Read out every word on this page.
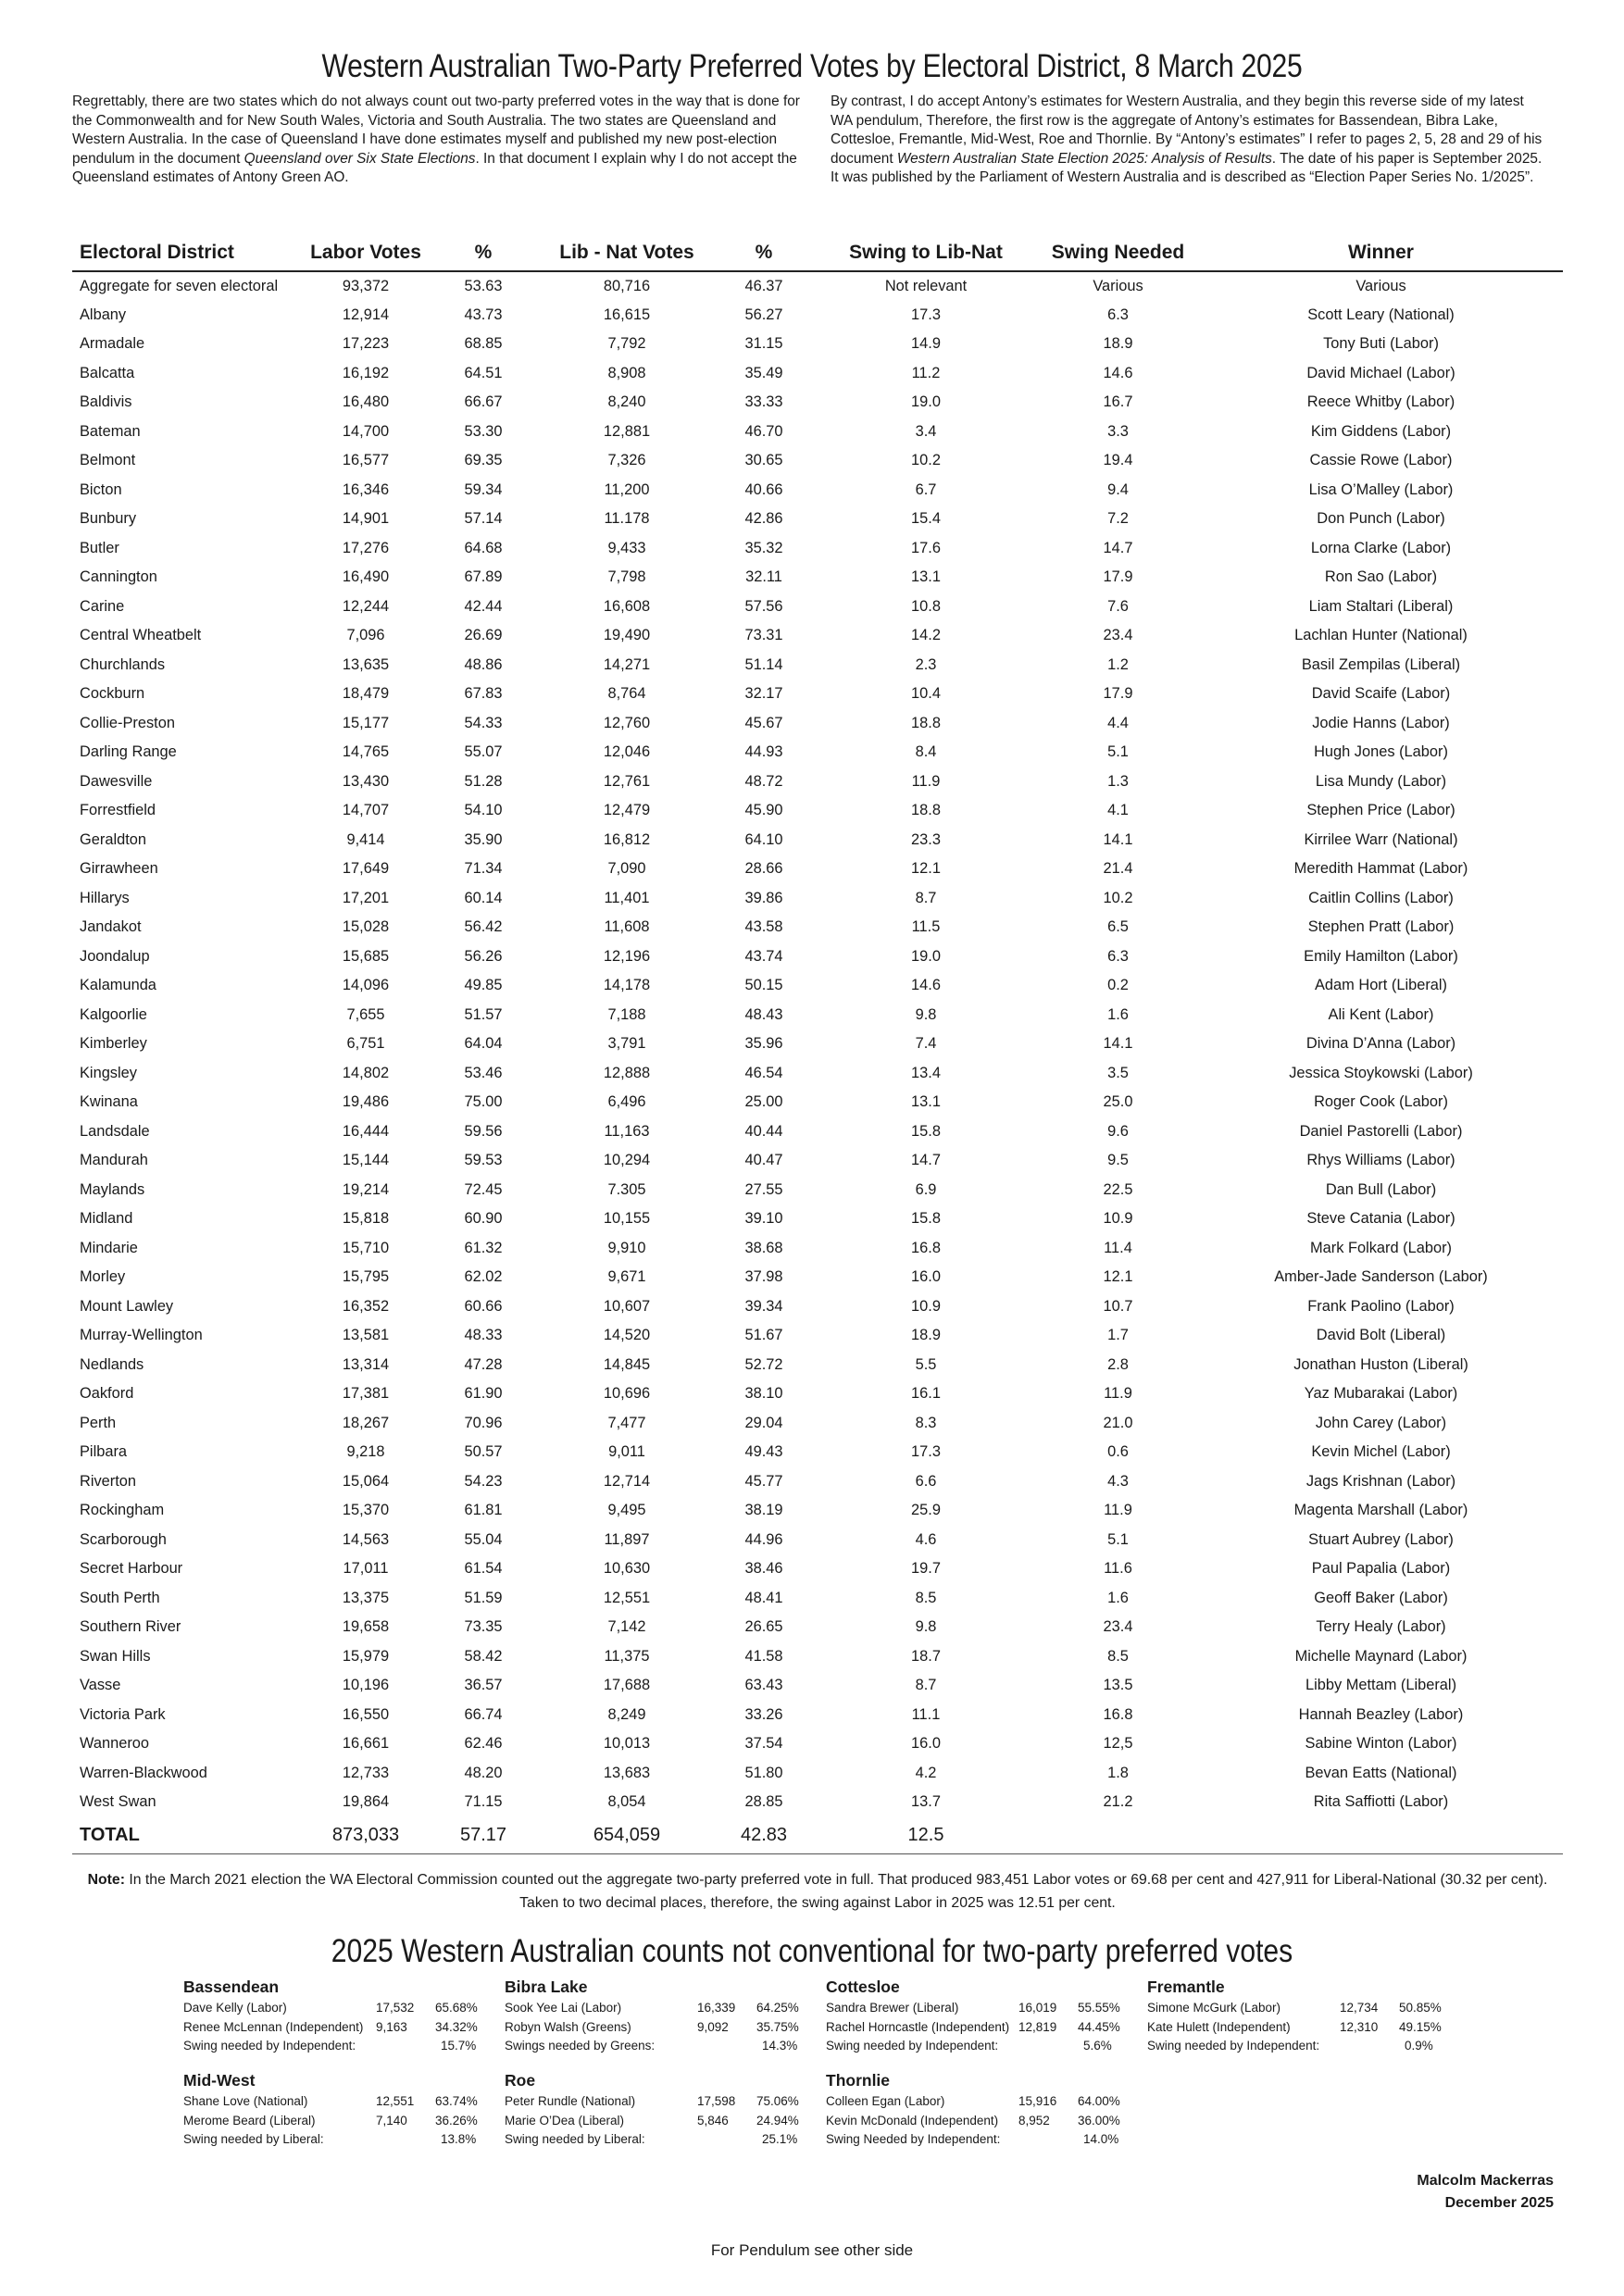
Western Australian Two-Party Preferred Votes by Electoral District, 8 March 2025
Regrettably, there are two states which do not always count out two-party preferred votes in the way that is done for the Commonwealth and for New South Wales, Victoria and South Australia. The two states are Queensland and Western Australia. In the case of Queensland I have done estimates myself and published my new post-election pendulum in the document Queensland over Six State Elections. In that document I explain why I do not accept the Queensland estimates of Antony Green AO.
By contrast, I do accept Antony’s estimates for Western Australia, and they begin this reverse side of my latest WA pendulum, Therefore, the first row is the aggregate of Antony’s estimates for Bassendean, Bibra Lake, Cottesloe, Fremantle, Mid-West, Roe and Thornlie. By “Antony’s estimates” I refer to pages 2, 5, 28 and 29 of his document Western Australian State Election 2025: Analysis of Results. The date of his paper is September 2025. It was published by the Parliament of Western Australia and is described as “Election Paper Series No. 1/2025”.
Electoral District	Labor Votes	%	Lib - Nat Votes	%	Swing to Lib-Nat	Swing Needed	Winner
Aggregate for seven electoral	93,372	53.63	80,716	46.37	Not relevant	Various	Various
Albany	12,914	43.73	16,615	56.27	17.3	6.3	Scott Leary (National)
Armadale	17,223	68.85	7,792	31.15	14.9	18.9	Tony Buti (Labor)
Balcatta	16,192	64.51	8,908	35.49	11.2	14.6	David Michael (Labor)
Baldivis	16,480	66.67	8,240	33.33	19.0	16.7	Reece Whitby (Labor)
Bateman	14,700	53.30	12,881	46.70	3.4	3.3	Kim Giddens (Labor)
Belmont	16,577	69.35	7,326	30.65	10.2	19.4	Cassie Rowe (Labor)
Bicton	16,346	59.34	11,200	40.66	6.7	9.4	Lisa O’Malley (Labor)
Bunbury	14,901	57.14	11.178	42.86	15.4	7.2	Don Punch (Labor)
Butler	17,276	64.68	9,433	35.32	17.6	14.7	Lorna Clarke (Labor)
Cannington	16,490	67.89	7,798	32.11	13.1	17.9	Ron Sao (Labor)
Carine	12,244	42.44	16,608	57.56	10.8	7.6	Liam Staltari (Liberal)
Central Wheatbelt	7,096	26.69	19,490	73.31	14.2	23.4	Lachlan Hunter (National)
Churchlands	13,635	48.86	14,271	51.14	2.3	1.2	Basil Zempilas (Liberal)
Cockburn	18,479	67.83	8,764	32.17	10.4	17.9	David Scaife (Labor)
Collie-Preston	15,177	54.33	12,760	45.67	18.8	4.4	Jodie Hanns (Labor)
Darling Range	14,765	55.07	12,046	44.93	8.4	5.1	Hugh Jones (Labor)
Dawesville	13,430	51.28	12,761	48.72	11.9	1.3	Lisa Mundy (Labor)
Forrestfield	14,707	54.10	12,479	45.90	18.8	4.1	Stephen Price (Labor)
Geraldton	9,414	35.90	16,812	64.10	23.3	14.1	Kirrilee Warr (National)
Girrawheen	17,649	71.34	7,090	28.66	12.1	21.4	Meredith Hammat (Labor)
Hillarys	17,201	60.14	11,401	39.86	8.7	10.2	Caitlin Collins (Labor)
Jandakot	15,028	56.42	11,608	43.58	11.5	6.5	Stephen Pratt (Labor)
Joondalup	15,685	56.26	12,196	43.74	19.0	6.3	Emily Hamilton (Labor)
Kalamunda	14,096	49.85	14,178	50.15	14.6	0.2	Adam Hort (Liberal)
Kalgoorlie	7,655	51.57	7,188	48.43	9.8	1.6	Ali Kent (Labor)
Kimberley	6,751	64.04	3,791	35.96	7.4	14.1	Divina D’Anna (Labor)
Kingsley	14,802	53.46	12,888	46.54	13.4	3.5	Jessica Stoykowski (Labor)
Kwinana	19,486	75.00	6,496	25.00	13.1	25.0	Roger Cook (Labor)
Landsdale	16,444	59.56	11,163	40.44	15.8	9.6	Daniel Pastorelli (Labor)
Mandurah	15,144	59.53	10,294	40.47	14.7	9.5	Rhys Williams (Labor)
Maylands	19,214	72.45	7.305	27.55	6.9	22.5	Dan Bull (Labor)
Midland	15,818	60.90	10,155	39.10	15.8	10.9	Steve Catania (Labor)
Mindarie	15,710	61.32	9,910	38.68	16.8	11.4	Mark Folkard (Labor)
Morley	15,795	62.02	9,671	37.98	16.0	12.1	Amber-Jade Sanderson (Labor)
Mount Lawley	16,352	60.66	10,607	39.34	10.9	10.7	Frank Paolino (Labor)
Murray-Wellington	13,581	48.33	14,520	51.67	18.9	1.7	David Bolt (Liberal)
Nedlands	13,314	47.28	14,845	52.72	5.5	2.8	Jonathan Huston (Liberal)
Oakford	17,381	61.90	10,696	38.10	16.1	11.9	Yaz Mubarakai (Labor)
Perth	18,267	70.96	7,477	29.04	8.3	21.0	John Carey (Labor)
Pilbara	9,218	50.57	9,011	49.43	17.3	0.6	Kevin Michel (Labor)
Riverton	15,064	54.23	12,714	45.77	6.6	4.3	Jags Krishnan (Labor)
Rockingham	15,370	61.81	9,495	38.19	25.9	11.9	Magenta Marshall (Labor)
Scarborough	14,563	55.04	11,897	44.96	4.6	5.1	Stuart Aubrey (Labor)
Secret Harbour	17,011	61.54	10,630	38.46	19.7	11.6	Paul Papalia (Labor)
South Perth	13,375	51.59	12,551	48.41	8.5	1.6	Geoff Baker (Labor)
Southern River	19,658	73.35	7,142	26.65	9.8	23.4	Terry Healy (Labor)
Swan Hills	15,979	58.42	11,375	41.58	18.7	8.5	Michelle Maynard (Labor)
Vasse	10,196	36.57	17,688	63.43	8.7	13.5	Libby Mettam (Liberal)
Victoria Park	16,550	66.74	8,249	33.26	11.1	16.8	Hannah Beazley (Labor)
Wanneroo	16,661	62.46	10,013	37.54	16.0	12,5	Sabine Winton (Labor)
Warren-Blackwood	12,733	48.20	13,683	51.80	4.2	1.8	Bevan Eatts (National)
West Swan	19,864	71.15	8,054	28.85	13.7	21.2	Rita Saffiotti (Labor)
TOTAL	873,033	57.17	654,059	42.83	12.5		
Note: In the March 2021 election the WA Electoral Commission counted out the aggregate two-party preferred vote in full. That produced 983,451 Labor votes or 69.68 per cent and 427,911 for Liberal-National (30.32 per cent). Taken to two decimal places, therefore, the swing against Labor in 2025 was 12.51 per cent.
2025 Western Australian counts not conventional for two-party preferred votes
Bassendean
Dave Kelly (Labor)	17,532 65.68%
Renee McLennan (Independent) 9,163 34.32%
Swing needed by Independent:	15.7%
Bibra Lake
Sook Yee Lai (Labor)	16,339 64.25%
Robyn Walsh (Greens)	9,092 35.75%
Swings needed by Greens:	14.3%
Cottesloe
Sandra Brewer (Liberal)	16,019 55.55%
Rachel Horncastle (Independent) 12,819 44.45%
Swing needed by Independent:	5.6%
Fremantle
Simone McGurk (Labor)	12,734 50.85%
Kate Hulett (Independent)	12,310 49.15%
Swing needed by Independent:	0.9%
Mid-West
Shane Love (National)	12,551 63.74%
Merome Beard (Liberal)	7,140 36.26%
Swing needed by Liberal:	13.8%
Roe
Peter Rundle (National)	17,598 75.06%
Marie O’Dea (Liberal)	5,846 24.94%
Swing needed by Liberal:	25.1%
Thornlie
Colleen Egan (Labor)	15,916 64.00%
Kevin McDonald (Independent) 8,952 36.00%
Swing Needed by Independent:	14.0%
Malcolm Mackerras
December 2025
For Pendulum see other side
